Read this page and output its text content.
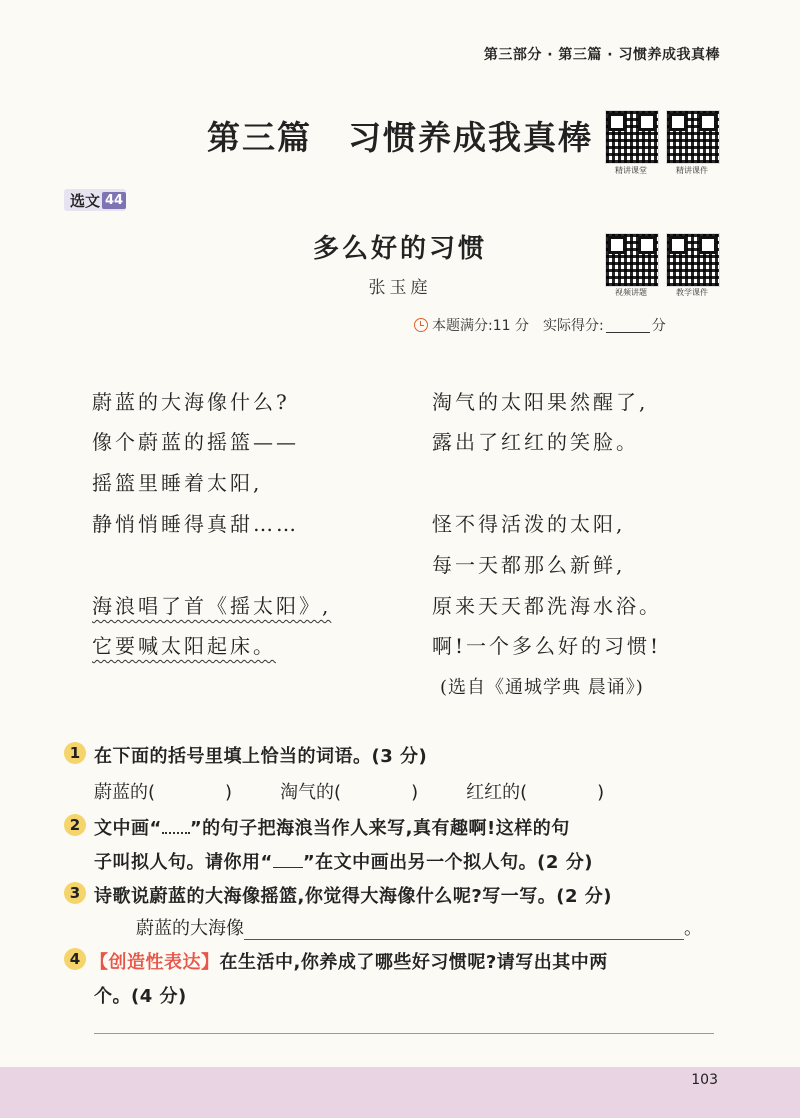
第三部分 · 第三篇 · 习惯养成我真棒
第三篇 习惯养成我真棒
精讲课堂	精讲课件
视频讲题	教学课件
选文 44
多么好的习惯
张玉庭
本题满分:11 分 实际得分:	分
蔚蓝的大海像什么?
像个蔚蓝的摇篮——
摇篮里睡着太阳,
静悄悄睡得真甜……
海浪唱了首《摇太阳》,
它要喊太阳起床。
淘气的太阳果然醒了,
露出了红红的笑脸。
怪不得活泼的太阳,
每一天都那么新鲜,
原来天天都洗海水浴。
啊!一个多么好的习惯!
(选自《通城学典 晨诵》)
1 在下面的括号里填上恰当的词语。(3 分)
蔚蓝的(	)	淘气的(	)	红红的(	)
2 文中画“ ”的句子把海浪当作人来写,真有趣啊!这样的句
子叫拟人句。请你用“ ”在文中画出另一个拟人句。(2 分)
3 诗歌说蔚蓝的大海像摇篮,你觉得大海像什么呢?写一写。(2 分)
蔚蓝的大海像	。
4 【创造性表达】在生活中,你养成了哪些好习惯呢?请写出其中两
个。(4 分)
103
